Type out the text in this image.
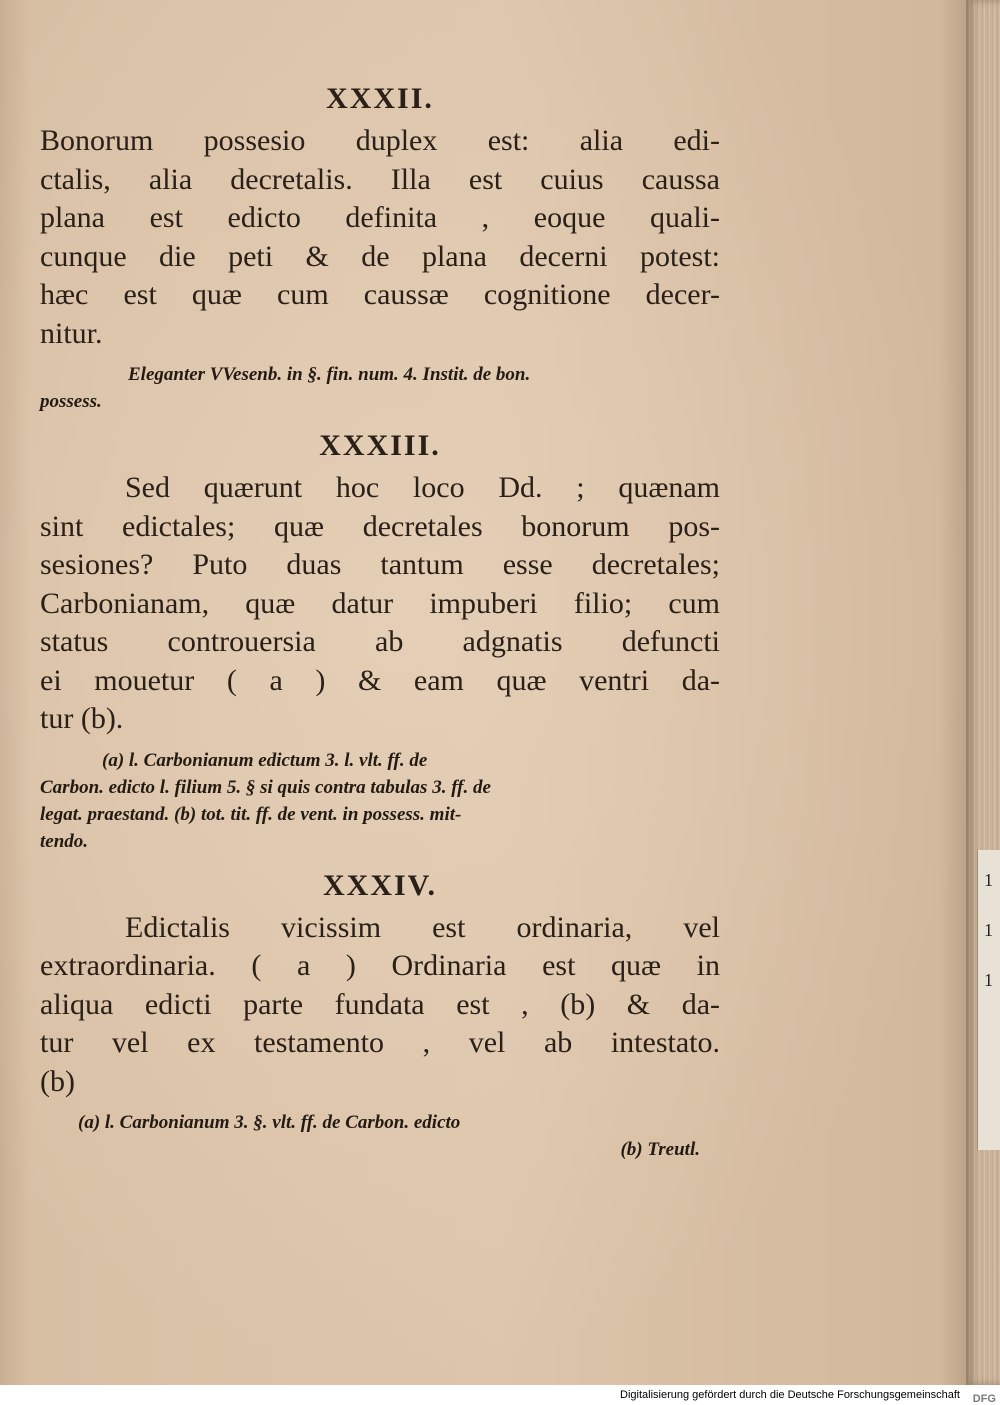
1
1
1
XXXII.

Bonorum possesio duplex est: alia edi-
ctalis, alia decretalis. Illa est cuius caussa
plana est edicto definita , eoque quali-
cunque die peti & de plana decerni potest:
hæc est quæ cum caussæ cognitione decer-
nitur.

Eleganter VVesenb. in §. fin. num. 4. Instit. de bon.
possess.
XXXIII.

Sed quærunt hoc loco Dd. ; quænam
sint edictales; quæ decretales bonorum pos-
sesiones? Puto duas tantum esse decretales;
Carbonianam, quæ datur impuberi filio; cum
status controuersia ab adgnatis defuncti
ei mouetur ( a ) & eam quæ ventri da-
tur (b).

(a) l. Carbonianum edictum 3. l. vlt. ff. de
Carbon. edicto l. filium 5. § si quis contra tabulas 3. ff. de
legat. praestand. (b) tot. tit. ff. de vent. in possess. mit-
tendo.
XXXIV.

Edictalis vicissim est ordinaria, vel
extraordinaria. ( a ) Ordinaria est quæ in
aliqua edicti parte fundata est , (b) & da-
tur vel ex testamento , vel ab intestato.
(b)

(a) l. Carbonianum 3. §. vlt. ff. de Carbon. edicto
(b) Treutl.
Digitalisierung gefördert durch die Deutsche Forschungsgemeinschaft DFG
